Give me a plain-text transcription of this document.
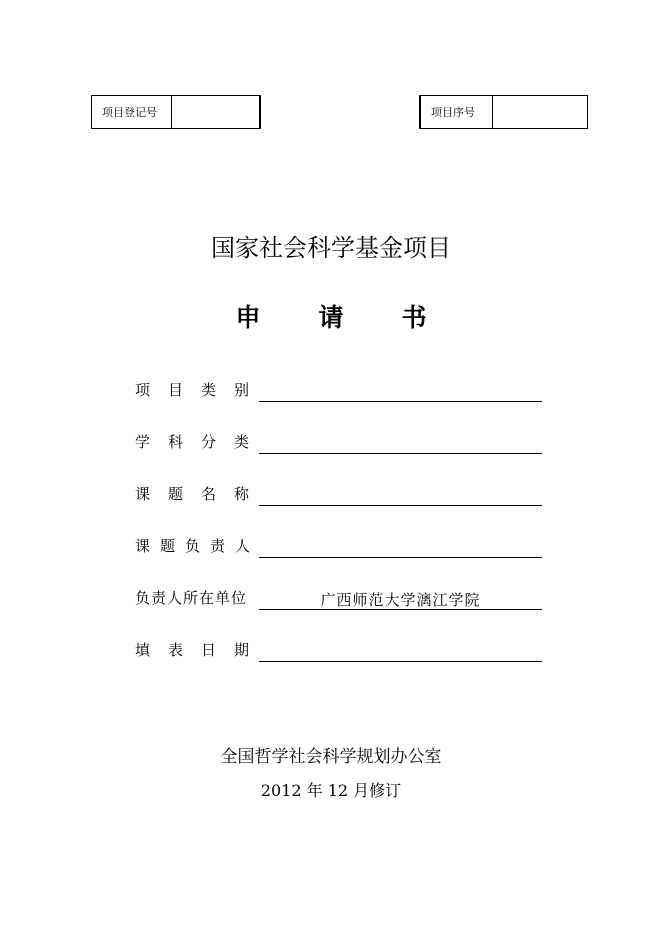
项目登记号	项目序号
国家社会科学基金项目
申 请 书
项目类别
学科分类
课题名称
课题负责人
负责人所在单位	广西师范大学漓江学院
填表日期
全国哲学社会科学规划办公室
2012 年 12 月修订
